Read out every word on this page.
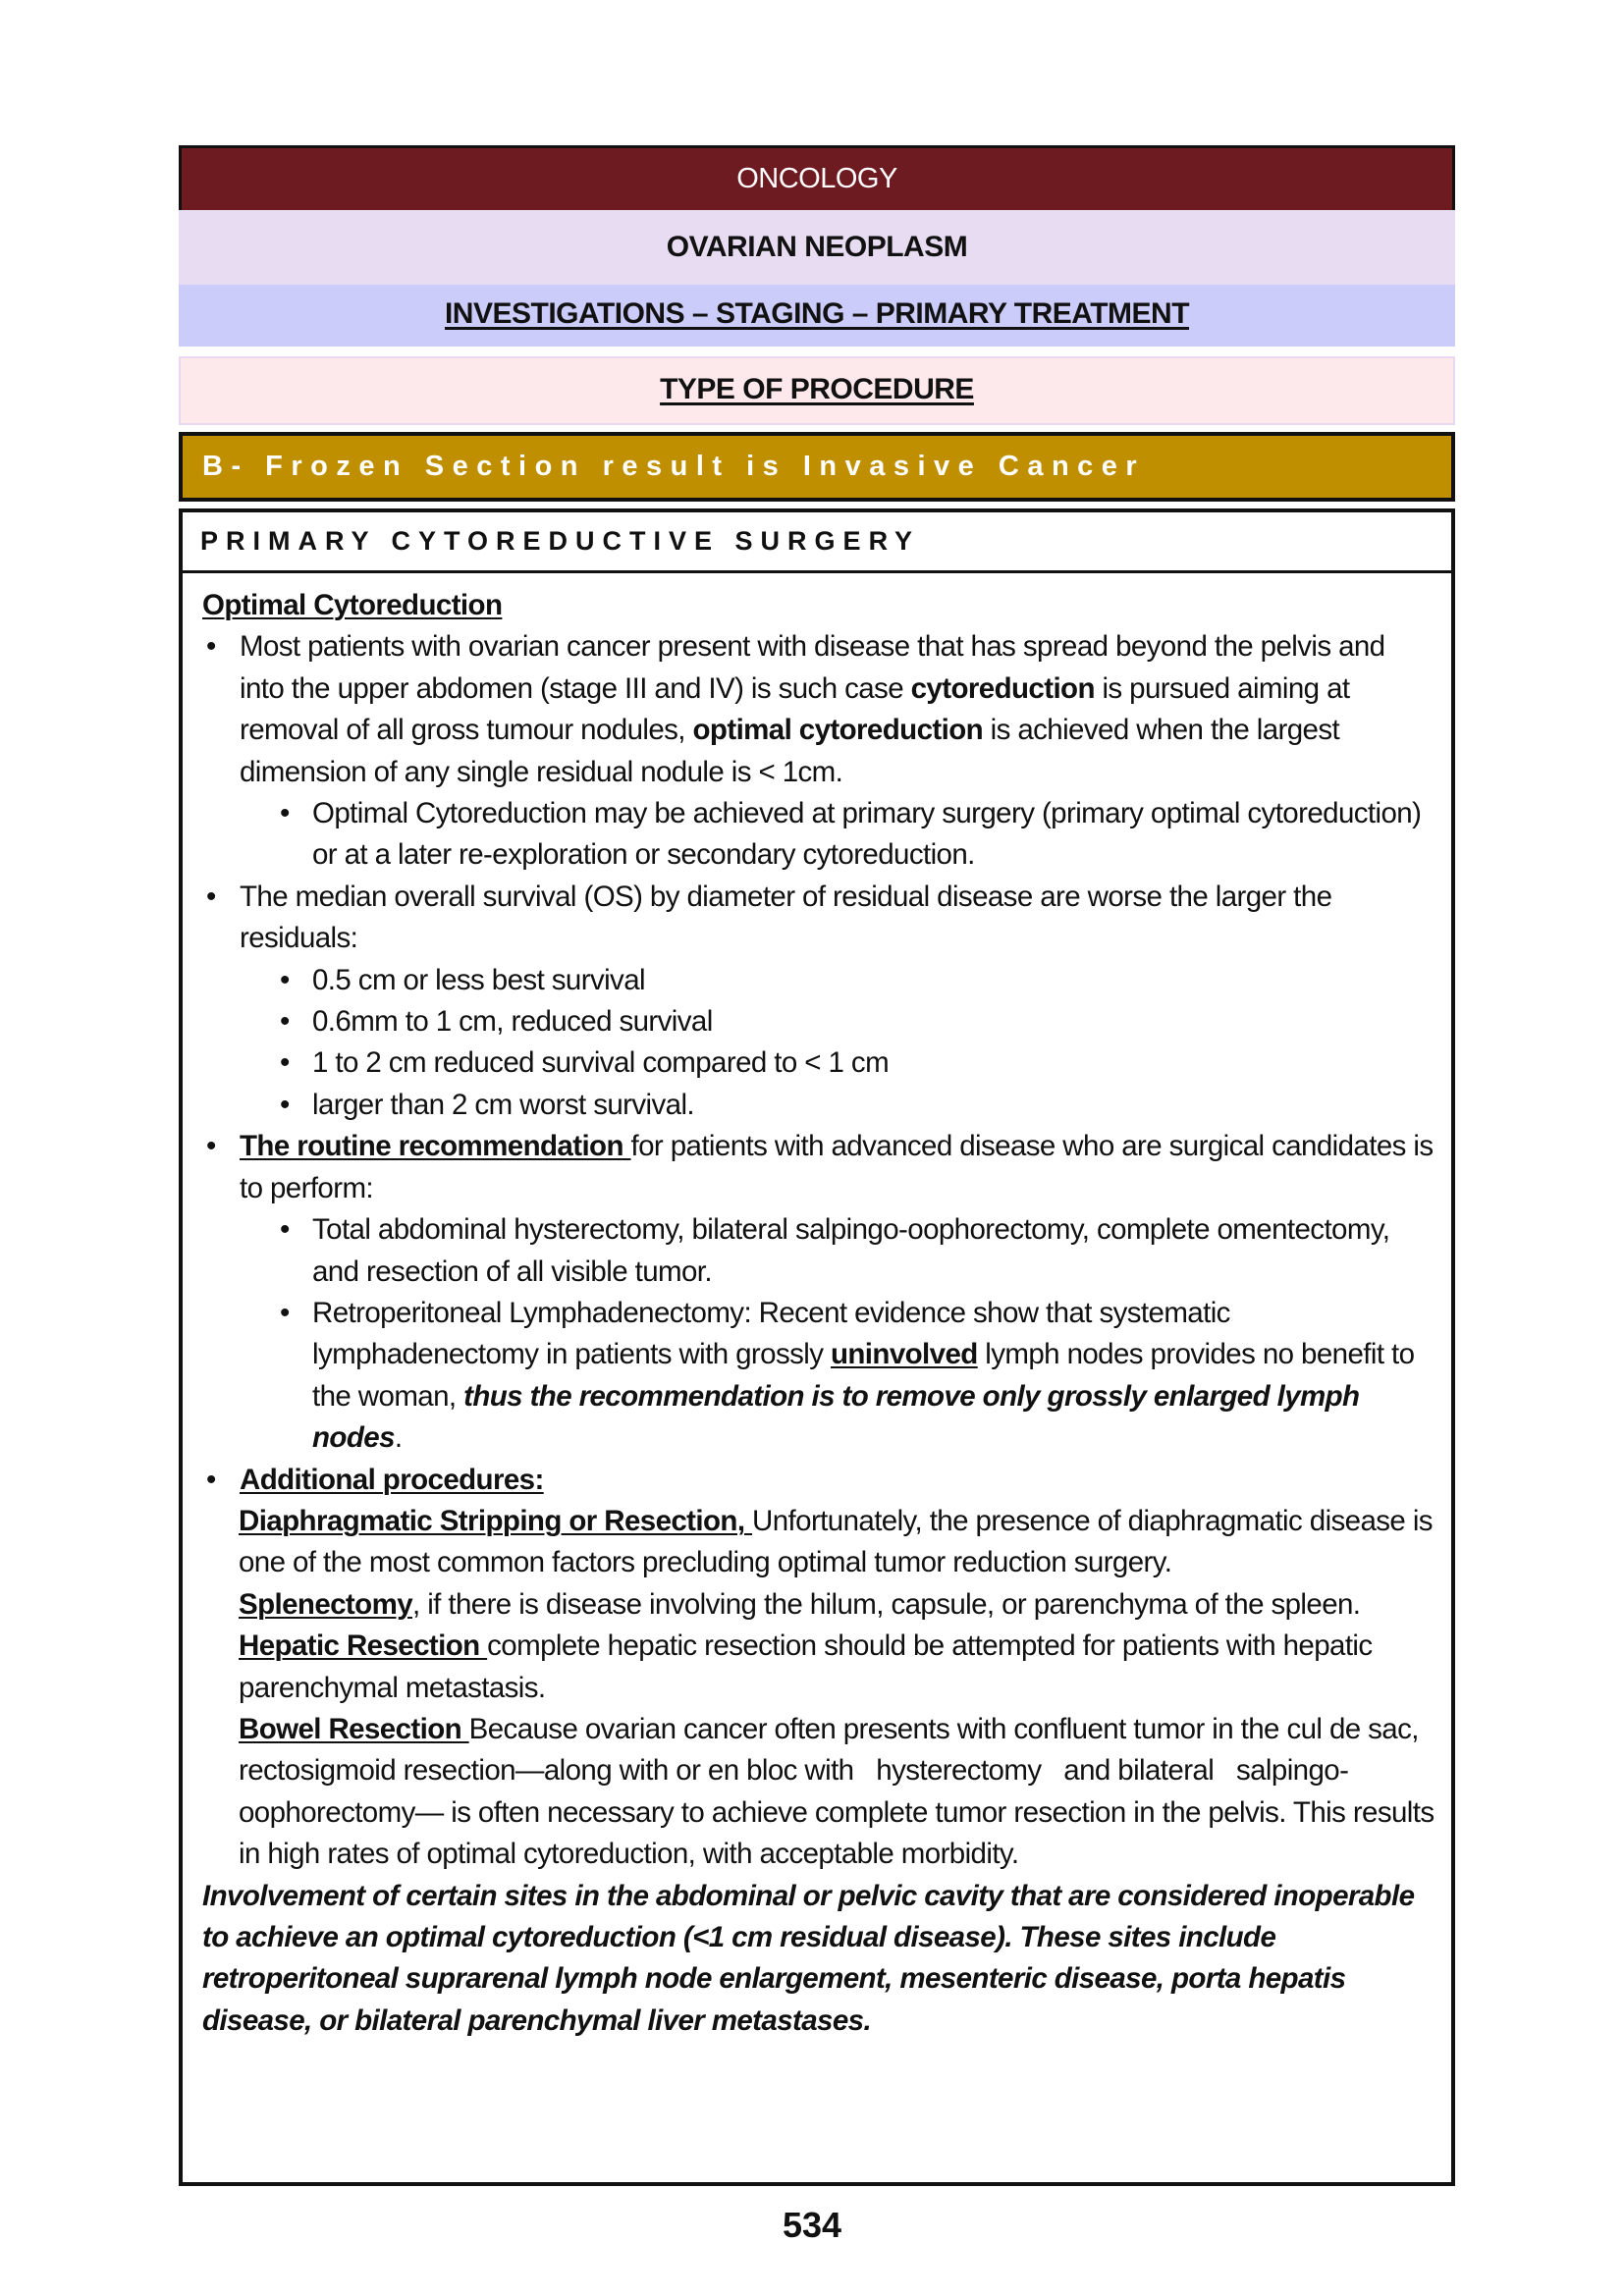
ONCOLOGY
OVARIAN NEOPLASM
INVESTIGATIONS – STAGING – PRIMARY TREATMENT
TYPE OF PROCEDURE
B- Frozen Section result is Invasive Cancer
PRIMARY CYTOREDUCTIVE SURGERY

Optimal Cytoreduction

• Most patients with ovarian cancer present with disease that has spread beyond the pelvis and into the upper abdomen (stage III and IV) is such case cytoreduction is pursued aiming at removal of all gross tumour nodules, optimal cytoreduction is achieved when the largest dimension of any single residual nodule is < 1cm.
• Optimal Cytoreduction may be achieved at primary surgery (primary optimal cytoreduction) or at a later re-exploration or secondary cytoreduction.
• The median overall survival (OS) by diameter of residual disease are worse the larger the residuals:
• 0.5 cm or less best survival
• 0.6mm to 1 cm, reduced survival
• 1 to 2 cm reduced survival compared to < 1 cm
• larger than 2 cm worst survival.
• The routine recommendation for patients with advanced disease who are surgical candidates is to perform:
• Total abdominal hysterectomy, bilateral salpingo-oophorectomy, complete omentectomy, and resection of all visible tumor.
• Retroperitoneal Lymphadenectomy: Recent evidence show that systematic lymphadenectomy in patients with grossly uninvolved lymph nodes provides no benefit to the woman, thus the recommendation is to remove only grossly enlarged lymph nodes.
• Additional procedures:

Diaphragmatic Stripping or Resection, Unfortunately, the presence of diaphragmatic disease is one of the most common factors precluding optimal tumor reduction surgery.

Splenectomy, if there is disease involving the hilum, capsule, or parenchyma of the spleen.

Hepatic Resection complete hepatic resection should be attempted for patients with hepatic parenchymal metastasis.

Bowel Resection Because ovarian cancer often presents with confluent tumor in the cul de sac, rectosigmoid resection—along with or en bloc with   hysterectomy   and bilateral   salpingo-oophorectomy— is often necessary to achieve complete tumor resection in the pelvis. This results in high rates of optimal cytoreduction, with acceptable morbidity.

Involvement of certain sites in the abdominal or pelvic cavity that are considered inoperable to achieve an optimal cytoreduction (<1 cm residual disease). These sites include retroperitoneal suprarenal lymph node enlargement, mesenteric disease, porta hepatis disease, or bilateral parenchymal liver metastases.

534
